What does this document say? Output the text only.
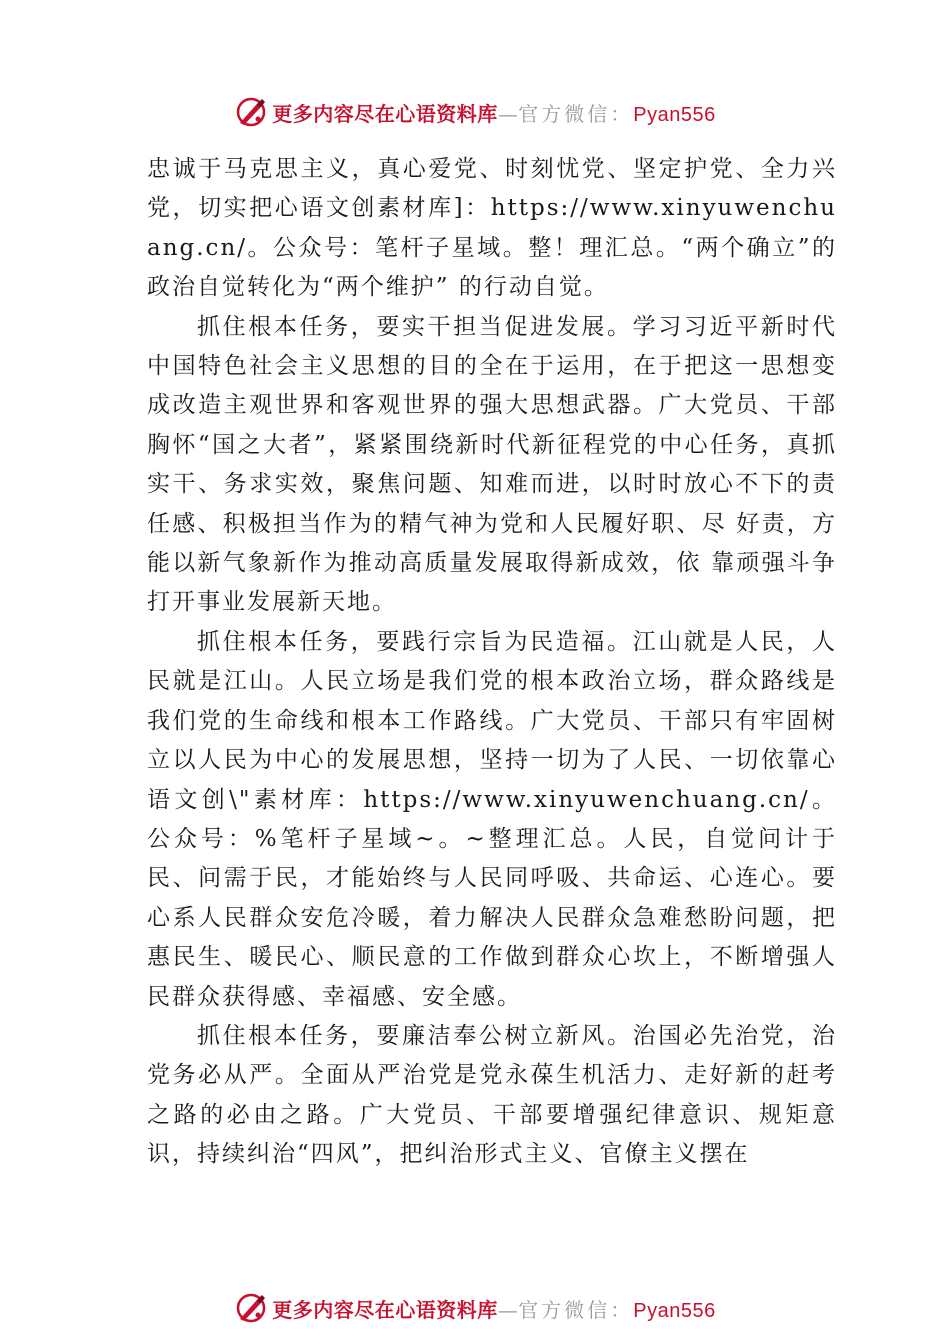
更多内容尽在心语资料库—官方微信：Pyan556

忠诚于马克思主义，真心爱党、时刻忧党、坚定护党、全力兴党，切实把心语文创素材库]：https://www.xinyuwenchuang.cn/。公众号：笔杆子星域。整！理汇总。“两个确立”的政治自觉转化为“两个维护” 的行动自觉。

抓住根本任务，要实干担当促进发展。学习习近平新时代中国特色社会主义思想的目的全在于运用，在于把这一思想变成改造主观世界和客观世界的强大思想武器。广大党员、干部胸怀“国之大者”，紧紧围绕新时代新征程党的中心任务，真抓实干、务求实效，聚焦问题、知难而进，以时时放心不下的责任感、积极担当作为的精气神为党和人民履好职、尽 好责，方能以新气象新作为推动高质量发展取得新成效，依 靠顽强斗争打开事业发展新天地。

抓住根本任务，要践行宗旨为民造福。江山就是人民，人民就是江山。人民立场是我们党的根本政治立场，群众路线是我们党的生命线和根本工作路线。广大党员、干部只有牢固树立以人民为中心的发展思想，坚持一切为了人民、一切依靠心语文创\"素材库：https://www.xinyuwenchuang.cn/。公众号：%笔杆子星域~。~整理汇总。人民，自觉问计于民、问需于民，才能始终与人民同呼吸、共命运、心连心。要心系人民群众安危冷暖，着力解决人民群众急难愁盼问题，把惠民生、暖民心、顺民意的工作做到群众心坎上，不断增强人民群众获得感、幸福感、安全感。

抓住根本任务，要廉洁奉公树立新风。治国必先治党，治党务必从严。全面从严治党是党永葆生机活力、走好新的赶考之路的必由之路。广大党员、干部要增强纪律意识、规矩意识，持续纠治“四风”，把纠治形式主义、官僚主义摆在

更多内容尽在心语资料库—官方微信：Pyan556
